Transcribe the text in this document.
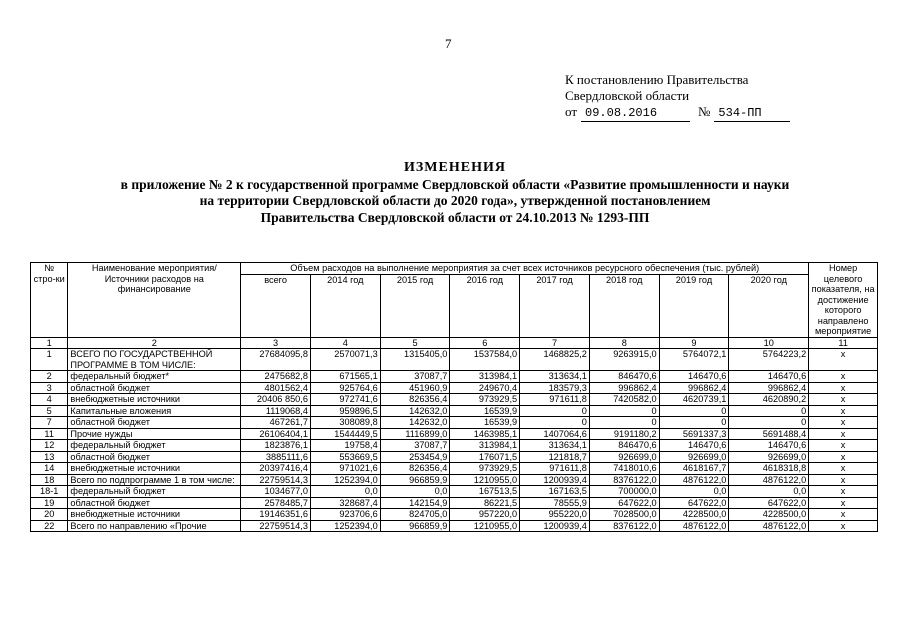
7
К постановлению Правительства
Свердловской области
от 09.08.2016	№ 534-ПП
ИЗМЕНЕНИЯ
в приложение № 2 к государственной программе Свердловской области «Развитие промышленности и науки
на территории Свердловской области до 2020 года», утвержденной постановлением
Правительства Свердловской области от 24.10.2013 № 1293-ПП
№ стро-ки	Наименование мероприятия/ Источники расходов на финансирование	Объем расходов на выполнение мероприятия за счет всех источников ресурсного обеспечения (тыс. рублей)								Номер целевого показателя, на достижение которого направлено мероприятие
		всего	2014 год	2015 год	2016 год	2017 год	2018 год	2019 год	2020 год	
1	2	3	4	5	6	7	8	9	10	11
1	ВСЕГО ПО ГОСУДАРСТВЕННОЙ ПРОГРАММЕ В ТОМ ЧИСЛЕ:	27684095,8	2570071,3	1315405,0	1537584,0	1468825,2	9263915,0	5764072,1	5764223,2	x
2	федеральный бюджет*	2475682,8	671565,1	37087,7	313984,1	313634,1	846470,6	146470,6	146470,6	x
3	областной бюджет	4801562,4	925764,6	451960,9	249670,4	183579,3	996862,4	996862,4	996862,4	x
4	внебюджетные источники	20406 850,6	972741,6	826356,4	973929,5	971611,8	7420582,0	4620739,1	4620890,2	x
5	Капитальные вложения	1119068,4	959896,5	142632,0	16539,9	0	0	0	0	x
7	областной бюджет	467261,7	308089,8	142632,0	16539,9	0	0	0	0	x
11	Прочие нужды	26106404,1	1544449,5	1116899,0	1463985,1	1407064,6	9191180,2	5691337,3	5691488,4	x
12	федеральный бюджет	1823876,1	19758,4	37087,7	313984,1	313634,1	846470,6	146470,6	146470,6	x
13	областной бюджет	3885111,6	553669,5	253454,9	176071,5	121818,7	926699,0	926699,0	926699,0	x
14	внебюджетные источники	20397416,4	971021,6	826356,4	973929,5	971611,8	7418010,6	4618167,7	4618318,8	x
18	Всего по подпрограмме 1 в том числе:	22759514,3	1252394,0	966859,9	1210955,0	1200939,4	8376122,0	4876122,0	4876122,0	x
18-1	федеральный бюджет	1034677,0	0,0	0,0	167513,5	167163,5	700000,0	0,0	0,0	x
19	областной бюджет	2578485,7	328687,4	142154,9	86221,5	78555,9	647622,0	647622,0	647622,0	x
20	внебюджетные источники	19146351,6	923706,6	824705,0	957220,0	955220,0	7028500,0	4228500,0	4228500,0	x
22	Всего по направлению «Прочие	22759514,3	1252394,0	966859,9	1210955,0	1200939,4	8376122,0	4876122,0	4876122,0	x
